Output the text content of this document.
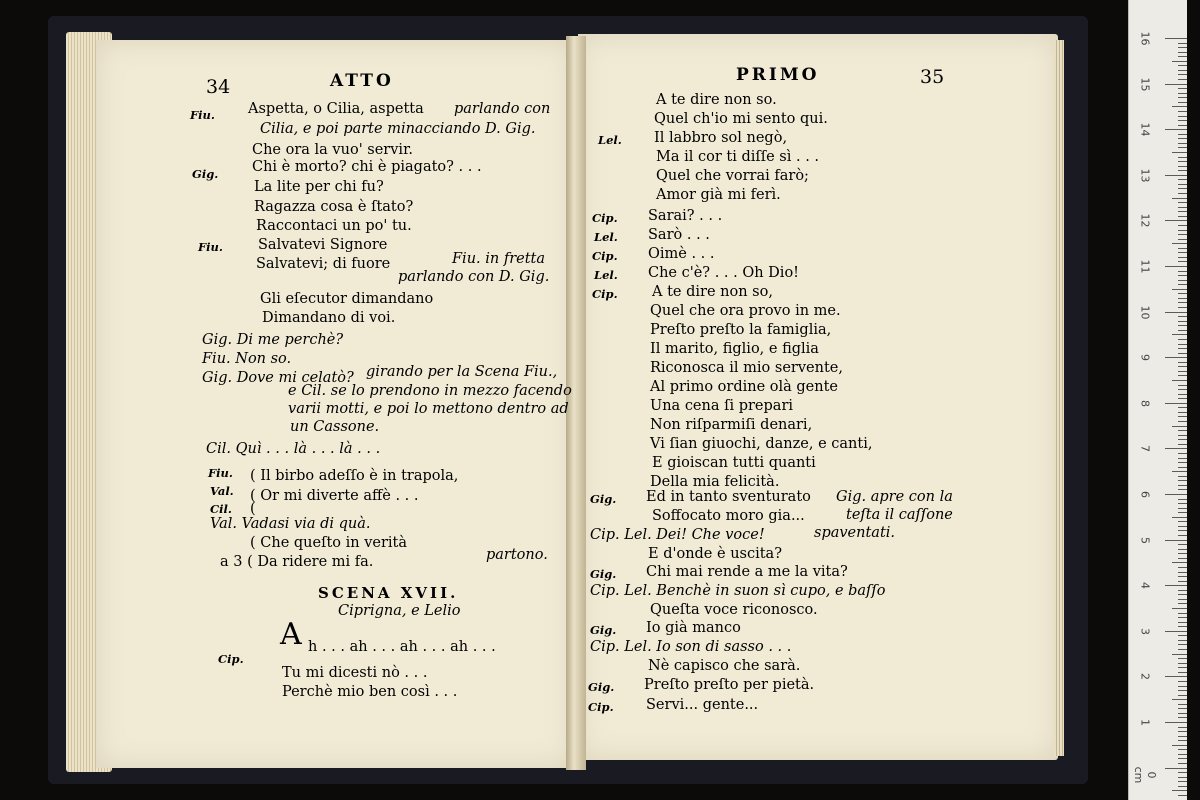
34	ATTO	PRIMO	35
SCENA XVII.
Ciprigna, e Lelio
A
Fiu. Aspetta, o Cilia, aspetta parlando con
Cilia, e poi parte minacciando D. Gig.
Che ora la vuo' servir.
Gig. Chi è morto? chi è piagato? . . .
La lite per chi fu?
Ragazza cosa è ſtato?
Raccontaci un po' tu.
Fiu. Salvatevi Signore
Salvatevi; di fuore	Fiu. in fretta
parlando con D. Gig.
Gli eſecutor dimandano
Dimandano di voi.
Gig. Di me perchè?
Fiu. Non so.
Gig. Dove mi celatò? girando per la Scena Fiu.,
e Cil. se lo prendono in mezzo facendo
varii motti, e poi lo mettono dentro ad
un Cassone.
Cil. Quì . . . là . . . là . . .
Fiu.
Val.
Cil.
( Il birbo adeſſo è in trapola,
( Or mi diverte affè . . .
(
Val. Vadasi via di quà.
( Che queſto in verità
a 3 ( Da ridere mi fa.	partono.
Cip.
h . . . ah . . . ah . . . ah . . .
Tu mi dicesti nò . . .
Perchè mio ben così . . .
A te dire non so.
Quel ch'io mi sento qui.
Lel. Il labbro sol negò,
Ma il cor ti diſſe sì . . .
Quel che vorrai farò;
Amor già mi ferì.
Cip. Sarai? . . .
Lel. Sarò . . .
Cip. Oimè . . .
Lel. Che c'è? . . . Oh Dio!
Cip. A te dire non so,
Quel che ora provo in me.
Preſto preſto la famiglia,
Il marito, figlio, e figlia
Riconosca il mio servente,
Al primo ordine olà gente
Una cena ſi prepari
Non riſparmiſi denari,
Vi ſian giuochi, danze, e canti,
E gioiscan tutti quanti
Della mia felicità.
Gig. Ed in tanto sventurato Gig. apre con la
Soffocato moro gia...	teſta il caſſone
Cip. Lel. Dei! Che voce!	spaventati.
E d'onde è uscita?
Gig. Chi mai rende a me la vita?
Cip. Lel. Benchè in suon sì cupo, e baſſo
Queſta voce riconosco.
Gig. Io già manco
Cip. Lel. Io son di sasso . . .
Nè capisco che sarà.
Gig. Preſto preſto per pietà.
Cip. Servi... gente...
16
15
14
13
12
11
10
9
8
7
6
5
4
3
2
1
0 cm
